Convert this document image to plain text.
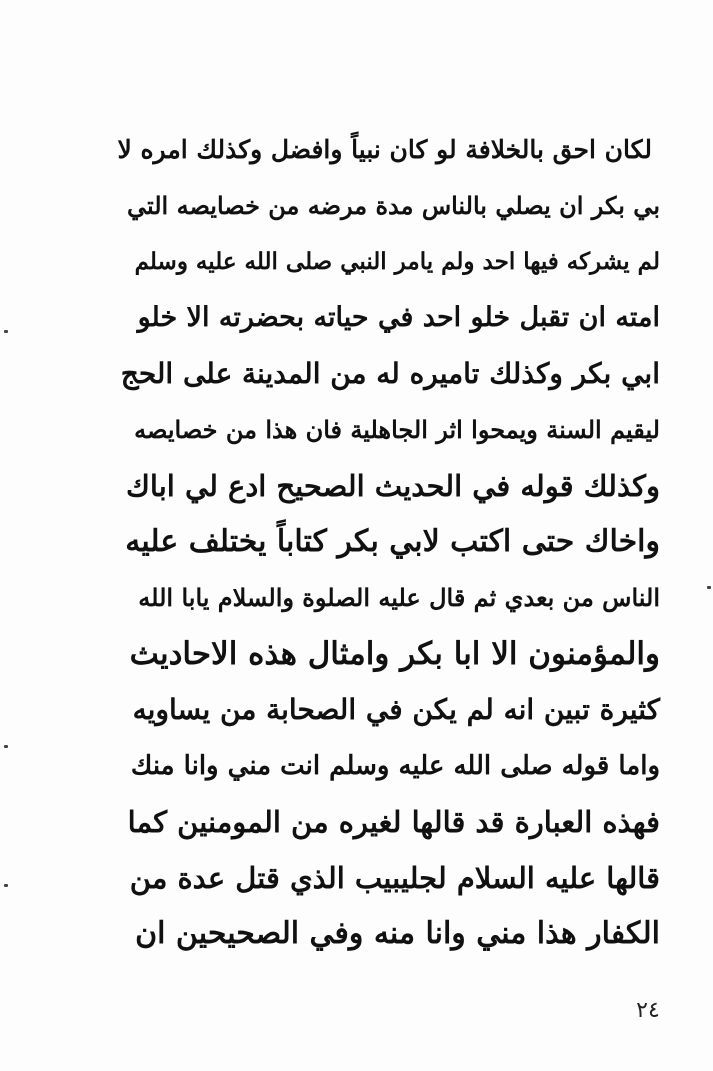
لكان احق بالخلافة لو كان نبياً وافضل وكذلك امره لا
بي بكر ان يصلي بالناس مدة مرضه من خصايصه التي
لم يشركه فيها احد ولم يامر النبي صلى الله عليه وسلم
امته ان تقبل خلو احد في حياته بحضرته الا خلو
ابي بكر وكذلك تاميره له من المدينة على الحج
ليقيم السنة ويمحوا اثر الجاهلية فان هذا من خصايصه
وكذلك قوله في الحديث الصحيح ادع لي اباك
واخاك حتى اكتب لابي بكر كتاباً يختلف عليه
الناس من بعدي ثم قال عليه الصلوة والسلام يابا الله
والمؤمنون الا ابا بكر وامثال هذه الاحاديث
كثيرة تبين انه لم يكن في الصحابة من يساويه
واما قوله صلى الله عليه وسلم انت مني وانا منك
فهذه العبارة قد قالها لغيره من المومنين كما
قالها عليه السلام لجليبيب الذي قتل عدة من
الكفار هذا مني وانا منه وفي الصحيحين ان
٢٤
